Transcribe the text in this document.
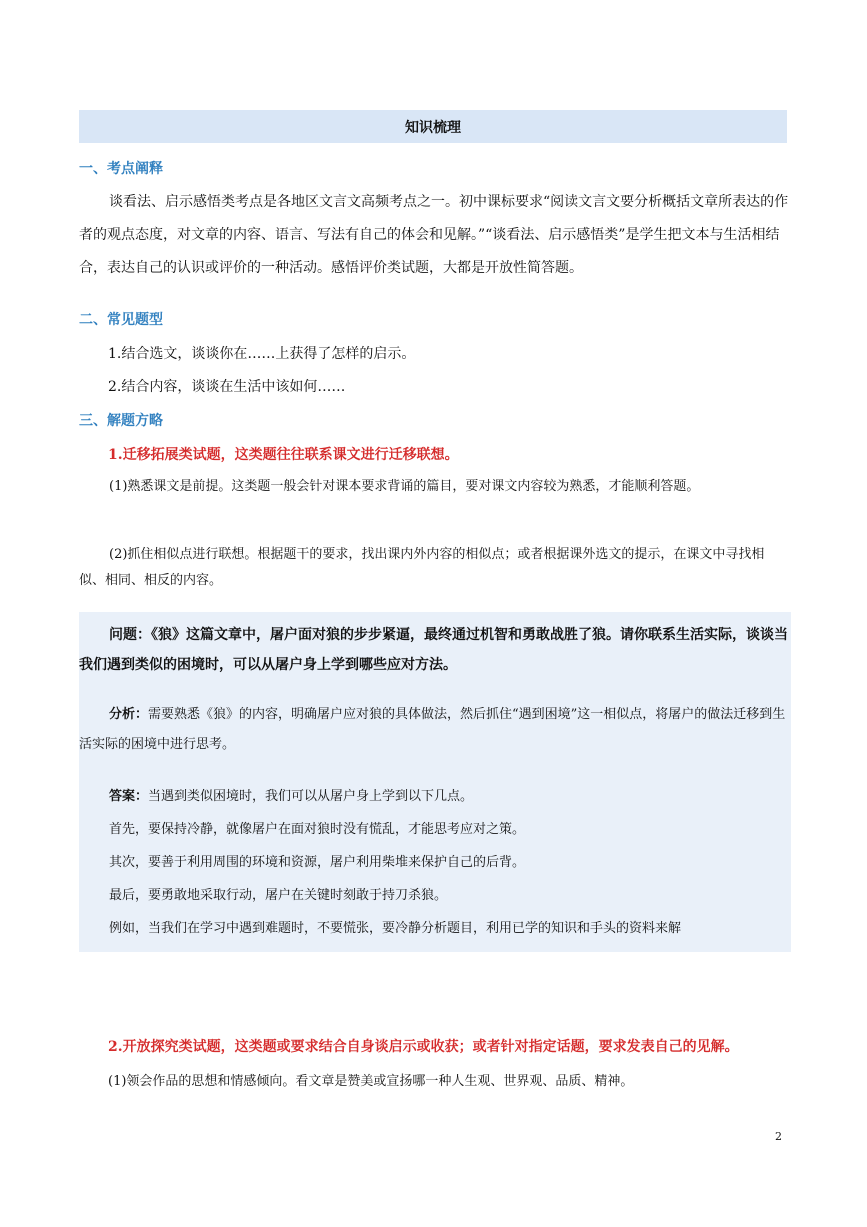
知识梳理
一、考点阐释
谈看法、启示感悟类考点是各地区文言文高频考点之一。初中课标要求“阅读文言文要分析概括文章所表达的作者的观点态度，对文章的内容、语言、写法有自己的体会和见解。”“谈看法、启示感悟类”是学生把文本与生活相结合，表达自己的认识或评价的一种活动。感悟评价类试题，大都是开放性简答题。
二、常见题型
1.结合选文，谈谈你在……上获得了怎样的启示。
2.结合内容，谈谈在生活中该如何……
三、解题方略
1.迁移拓展类试题，这类题往往联系课文进行迁移联想。
(1)熟悉课文是前提。这类题一般会针对课本要求背诵的篇目，要对课文内容较为熟悉，才能顺利答题。
(2)抓住相似点进行联想。根据题干的要求，找出课内外内容的相似点；或者根据课外选文的提示，在课文中寻找相似、相同、相反的内容。
问题：《狼》这篇文章中，屠户面对狼的步步紧逼，最终通过机智和勇敢战胜了狼。请你联系生活实际，谈谈当我们遇到类似的困境时，可以从屠户身上学到哪些应对方法。
分析：需要熟悉《狼》的内容，明确屠户应对狼的具体做法，然后抓住“遇到困境”这一相似点，将屠户的做法迁移到生活实际的困境中进行思考。
答案：当遇到类似困境时，我们可以从屠户身上学到以下几点。
首先，要保持冷静，就像屠户在面对狼时没有慌乱，才能思考应对之策。
其次，要善于利用周围的环境和资源，屠户利用柴堆来保护自己的后背。
最后，要勇敢地采取行动，屠户在关键时刻敢于持刀杀狼。
例如，当我们在学习中遇到难题时，不要慌张，要冷静分析题目，利用已学的知识和手头的资料来解
2.开放探究类试题，这类题或要求结合自身谈启示或收获；或者针对指定话题，要求发表自己的见解。
(1)领会作品的思想和情感倾向。看文章是赞美或宣扬哪一种人生观、世界观、品质、精神。
2
